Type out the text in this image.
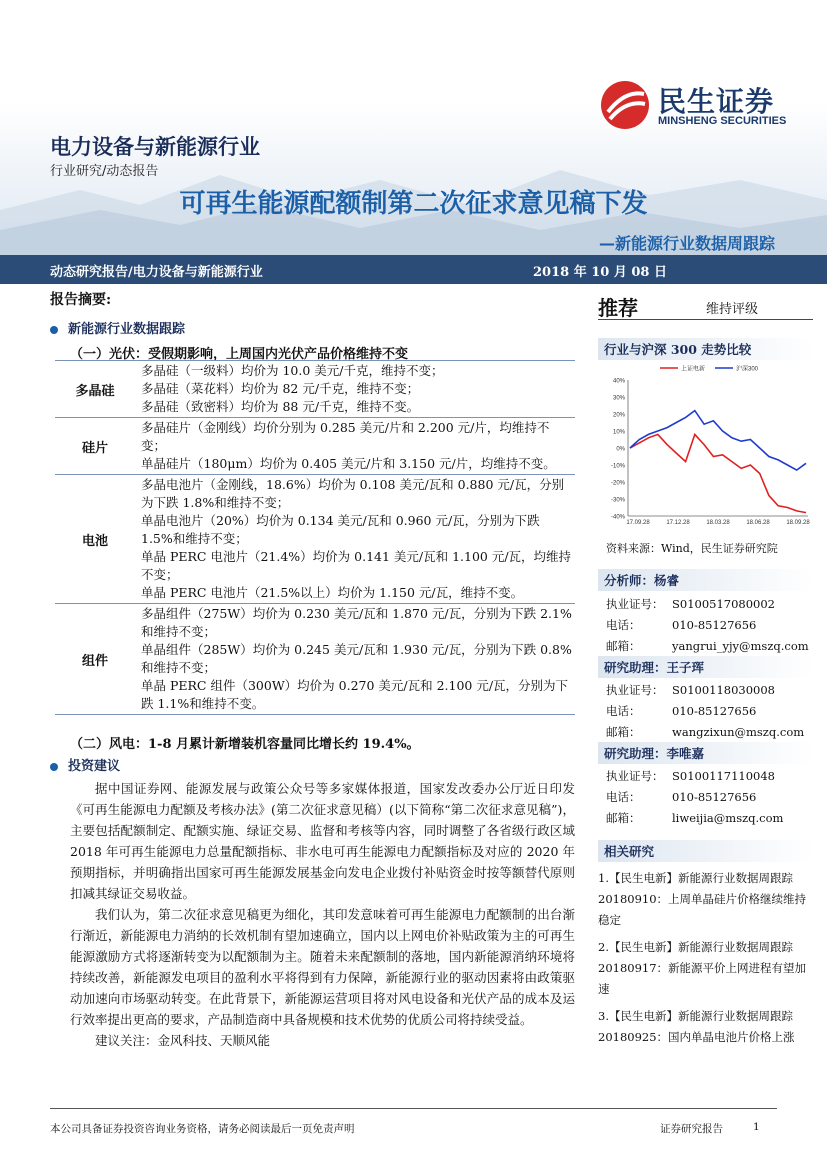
民生证券
MINSHENG SECURITIES
电力设备与新能源行业
行业研究/动态报告
可再生能源配额制第二次征求意见稿下发
—新能源行业数据周跟踪
动态研究报告/电力设备与新能源行业	2018 年 10 月 08 日
报告摘要:
新能源行业数据跟踪
（一）光伏：受假期影响，上周国内光伏产品价格维持不变
多晶硅	多晶硅（一级料）均价为 10.0 美元/千克，维持不变；

多晶硅（菜花料）均价为 82 元/千克，维持不变；

多晶硅（致密料）均价为 88 元/千克，维持不变。

硅片	多晶硅片（金刚线）均价分别为 0.285 美元/片和 2.200 元/片，均维持不变；

单晶硅片（180μm）均价为 0.405 美元/片和 3.150 元/片，均维持不变。

电池	多晶电池片（金刚线，18.6%）均价为 0.108 美元/瓦和 0.880 元/瓦，分别为下跌 1.8%和维持不变；

单晶电池片（20%）均价为 0.134 美元/瓦和 0.960 元/瓦，分别为下跌 1.5%和维持不变；

单晶 PERC 电池片（21.4%）均价为 0.141 美元/瓦和 1.100 元/瓦，均维持不变；

单晶 PERC 电池片（21.5%以上）均价为 1.150 元/瓦，维持不变。

组件	多晶组件（275W）均价为 0.230 美元/瓦和 1.870 元/瓦，分别为下跌 2.1%和维持不变；

单晶组件（285W）均价为 0.245 美元/瓦和 1.930 元/瓦，分别为下跌 0.8%和维持不变；

单晶 PERC 组件（300W）均价为 0.270 美元/瓦和 2.100 元/瓦，分别为下跌 1.1%和维持不变。

（二）风电：1-8 月累计新增装机容量同比增长约 19.4%。
投资建议

据中国证券网、能源发展与政策公众号等多家媒体报道，国家发改委办公厅近日印发《可再生能源电力配额及考核办法》(第二次征求意见稿）(以下简称“第二次征求意见稿”)，主要包括配额制定、配额实施、绿证交易、监督和考核等内容，同时调整了各省级行政区域 2018 年可再生能源电力总量配额指标、非水电可再生能源电力配额指标及对应的 2020 年预期指标，并明确指出国家可再生能源发展基金向发电企业拨付补贴资金时按等额替代原则扣减其绿证交易收益。

我们认为，第二次征求意见稿更为细化，其印发意味着可再生能源电力配额制的出台渐行渐近，新能源电力消纳的长效机制有望加速确立，国内以上网电价补贴政策为主的可再生能源激励方式将逐渐转变为以配额制为主。随着未来配额制的落地，国内新能源消纳环境将持续改善，新能源发电项目的盈利水平将得到有力保障，新能源行业的驱动因素将由政策驱动加速向市场驱动转变。在此背景下，新能源运营项目将对风电设备和光伏产品的成本及运行效率提出更高的要求，产品制造商中具备规模和技术优势的优质公司将持续受益。

建议关注：金风科技、天顺风能

推荐	维持评级
行业与沪深 300 走势比较
40%
30%
20%
10%
0%
-10%
-20%
-30%
-40%
17.09.28	17.12.28	18.03.28	18.06.28	18.09.28
上证电新	沪深300
资料来源：Wind，民生证券研究院
分析师：杨睿
执业证号： S0100517080002
电话：	010-85127656
邮箱：	yangrui_yjy@mszq.com
研究助理：王子珲
执业证号： S0100118030008
电话：	010-85127656
邮箱：	wangzixun@mszq.com
研究助理：李唯嘉
执业证号： S0100117110048
电话：	010-85127656
邮箱：	liweijia@mszq.com
相关研究
1.【民生电新】新能源行业数据周跟踪 20180910：上周单晶硅片价格继续维持稳定
2.【民生电新】新能源行业数据周跟踪 20180917：新能源平价上网进程有望加速
3.【民生电新】新能源行业数据周跟踪 20180925：国内单晶电池片价格上涨
本公司具备证券投资咨询业务资格，请务必阅读最后一页免责声明	证券研究报告	1
